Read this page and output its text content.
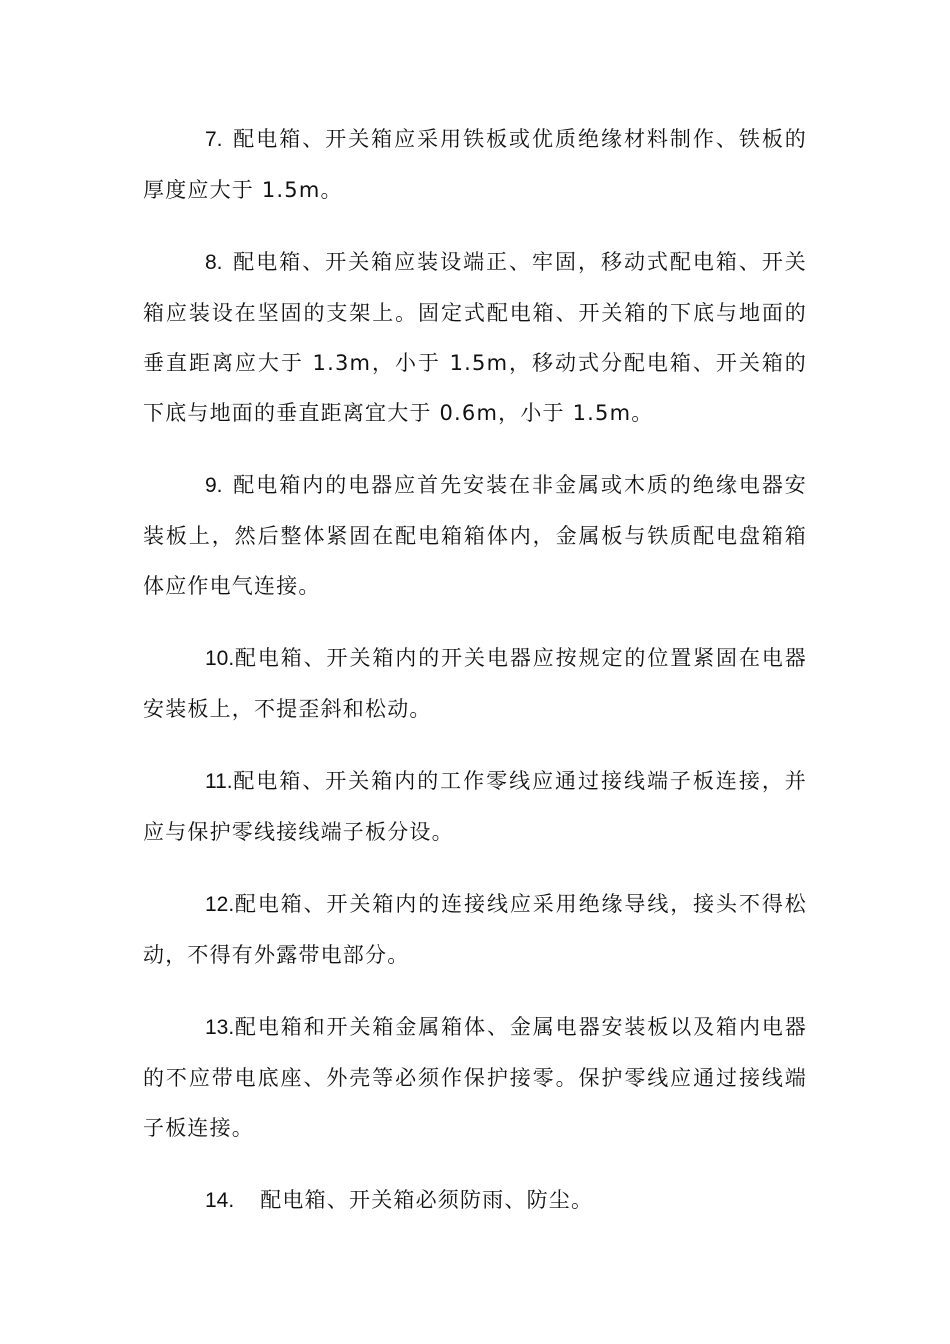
7. 配电箱、开关箱应采用铁板或优质绝缘材料制作、铁板的厚度应大于 1.5m。

8. 配电箱、开关箱应装设端正、牢固，移动式配电箱、开关箱应装设在坚固的支架上。固定式配电箱、开关箱的下底与地面的垂直距离应大于 1.3m，小于 1.5m，移动式分配电箱、开关箱的下底与地面的垂直距离宜大于 0.6m，小于 1.5m。

9. 配电箱内的电器应首先安装在非金属或木质的绝缘电器安装板上，然后整体紧固在配电箱箱体内，金属板与铁质配电盘箱箱体应作电气连接。

10.配电箱、开关箱内的开关电器应按规定的位置紧固在电器安装板上，不提歪斜和松动。

11.配电箱、开关箱内的工作零线应通过接线端子板连接，并应与保护零线接线端子板分设。

12.配电箱、开关箱内的连接线应采用绝缘导线，接头不得松动，不得有外露带电部分。

13.配电箱和开关箱金属箱体、金属电器安装板以及箱内电器的不应带电底座、外壳等必须作保护接零。保护零线应通过接线端子板连接。

14. 配电箱、开关箱必须防雨、防尘。
